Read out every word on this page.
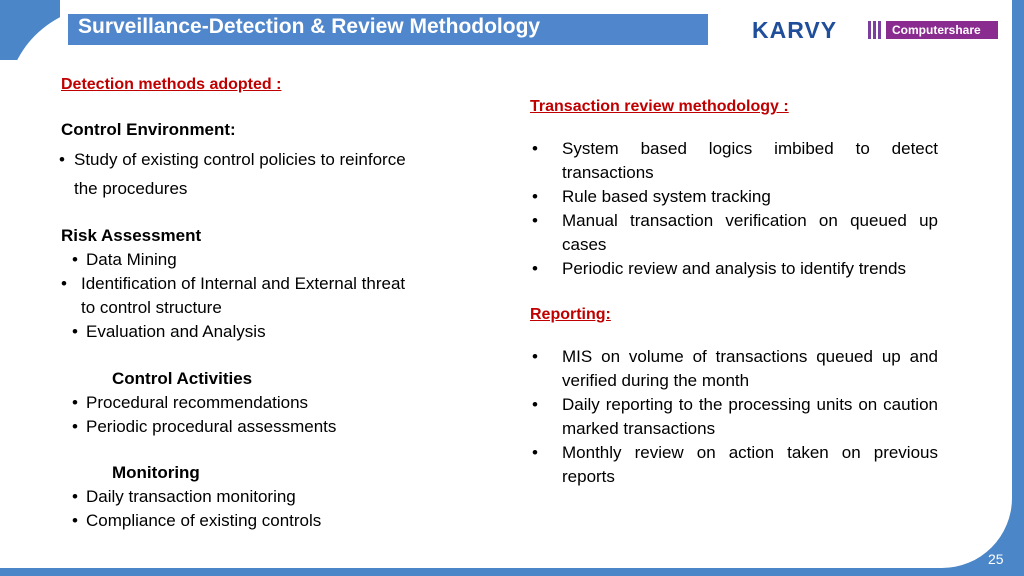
Surveillance-Detection & Review Methodology	KARVY	Computershare
Detection methods adopted :
Control Environment:
• Study of existing control policies to reinforce
the procedures
Risk Assessment
• Data Mining
• Identification of Internal and External threat
to control structure
• Evaluation and Analysis
Control Activities
• Procedural recommendations
• Periodic procedural assessments
Monitoring
• Daily transaction monitoring
• Compliance of existing controls
Transaction review methodology :
• System based logics imbibed to detect transactions
• Rule based system tracking
• Manual transaction verification on queued up cases
• Periodic review and analysis to identify trends
Reporting:
• MIS on volume of transactions queued up and verified during the month
• Daily reporting to the processing units on caution marked transactions
• Monthly review on action taken on previous reports
25
